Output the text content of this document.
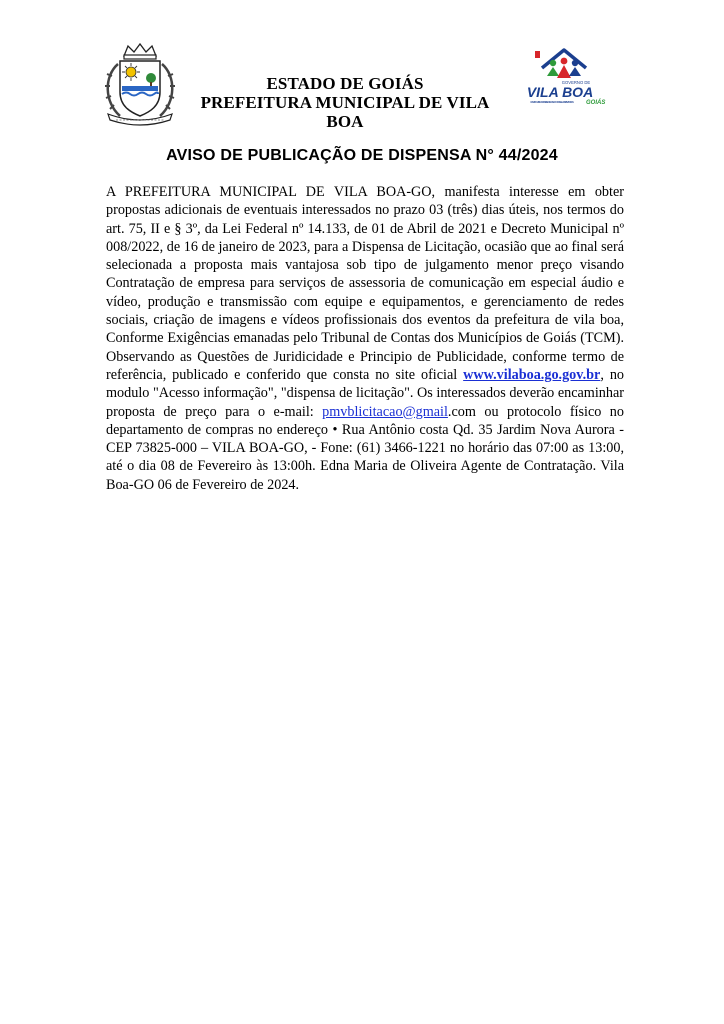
ESTADO DE GOIÁS
PREFEITURA MUNICIPAL DE VILA BOA
GOVERNO DE
VILA BOA
COMPROMISSO NO PRESENTE COM FUTURO MELHOR PARA TODOS GOIÁS
AVISO DE PUBLICAÇÃO DE DISPENSA N° 44/2024
A PREFEITURA MUNICIPAL DE VILA BOA-GO, manifesta interesse em obter propostas adicionais de eventuais interessados no prazo 03 (três) dias úteis, nos termos do art. 75, II e § 3º, da Lei Federal nº 14.133, de 01 de Abril de 2021 e Decreto Municipal nº 008/2022, de 16 de janeiro de 2023, para a Dispensa de Licitação, ocasião que ao final será selecionada a proposta mais vantajosa sob tipo de julgamento menor preço visando Contratação de empresa para serviços de assessoria de comunicação em especial áudio e vídeo, produção e transmissão com equipe e equipamentos, e gerenciamento de redes sociais, criação de imagens e vídeos profissionais dos eventos da prefeitura de vila boa, Conforme Exigências emanadas pelo Tribunal de Contas dos Municípios de Goiás (TCM). Observando as Questões de Juridicidade e Principio de Publicidade, conforme termo de referência, publicado e conferido que consta no site oficial www.vilaboa.go.gov.br, no modulo "Acesso informação", "dispensa de licitação". Os interessados deverão encaminhar proposta de preço para o e-mail: pmvblicitacao@gmail.com ou protocolo físico no departamento de compras no endereço • Rua Antônio costa Qd. 35 Jardim Nova Aurora - CEP 73825-000 – VILA BOA-GO, - Fone: (61) 3466-1221 no horário das 07:00 as 13:00, até o dia 08 de Fevereiro às 13:00h. Edna Maria de Oliveira Agente de Contratação. Vila Boa-GO 06 de Fevereiro de 2024.
